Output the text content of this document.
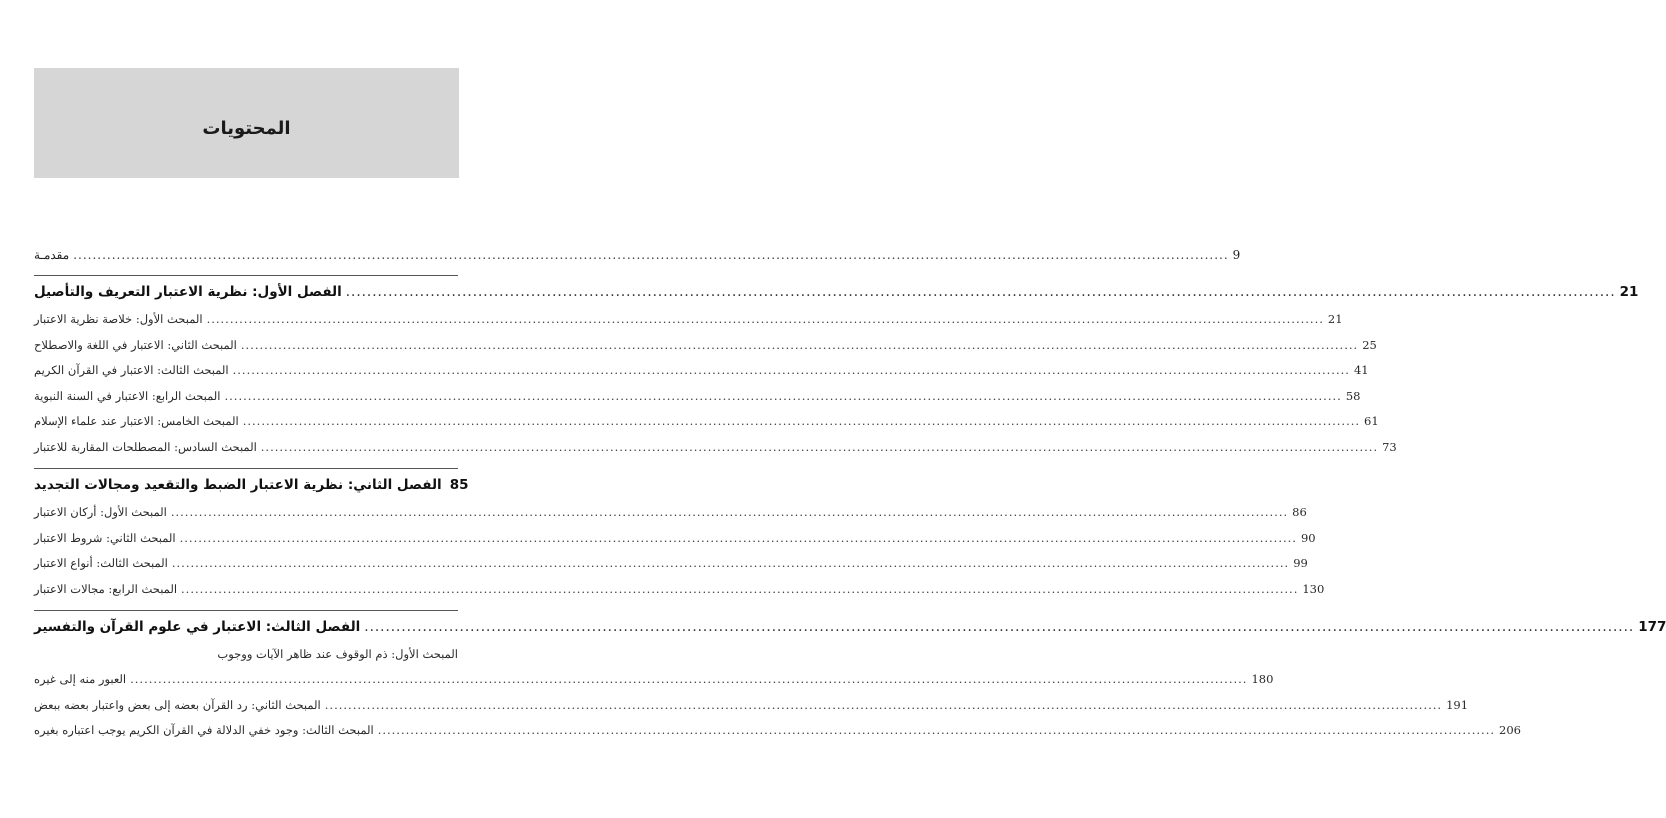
المحتويات
مقدمـة .....	9
الفصل الأول: نظرية الاعتبار التعريف والتأصيل .....	21
المبحث الأول: خلاصة نظرية الاعتبار .....	21
المبحث الثاني: الاعتبار في اللغة والاصطلاح .....	25
المبحث الثالث: الاعتبار في القرآن الكريم .....	41
المبحث الرابع: الاعتبار في السنة النبوية .....	58
المبحث الخامس: الاعتبار عند علماء الإسلام .....	61
المبحث السادس: المصطلحات المقاربة للاعتبار .....	73
الفصل الثاني: نظرية الاعتبار الضبط والتقعيد ومجالات التجديد 85
المبحث الأول: أركان الاعتبار .....	86
المبحث الثاني: شروط الاعتبار .....	90
المبحث الثالث: أنواع الاعتبار .....	99
المبحث الرابع: مجالات الاعتبار .....	130
الفصل الثالث: الاعتبار في علوم القرآن والتفسير .....	177
المبحث الأول: ذم الوقوف عند ظاهر الآيات ووجوب
العبور منه إلى غيره .....	180
المبحث الثاني: رد القرآن بعضه إلى بعض واعتبار بعضه ببعض .....	191
المبحث الثالث: وجود خفي الدلالة في القرآن الكريم يوجب اعتباره بغيره .....	206
